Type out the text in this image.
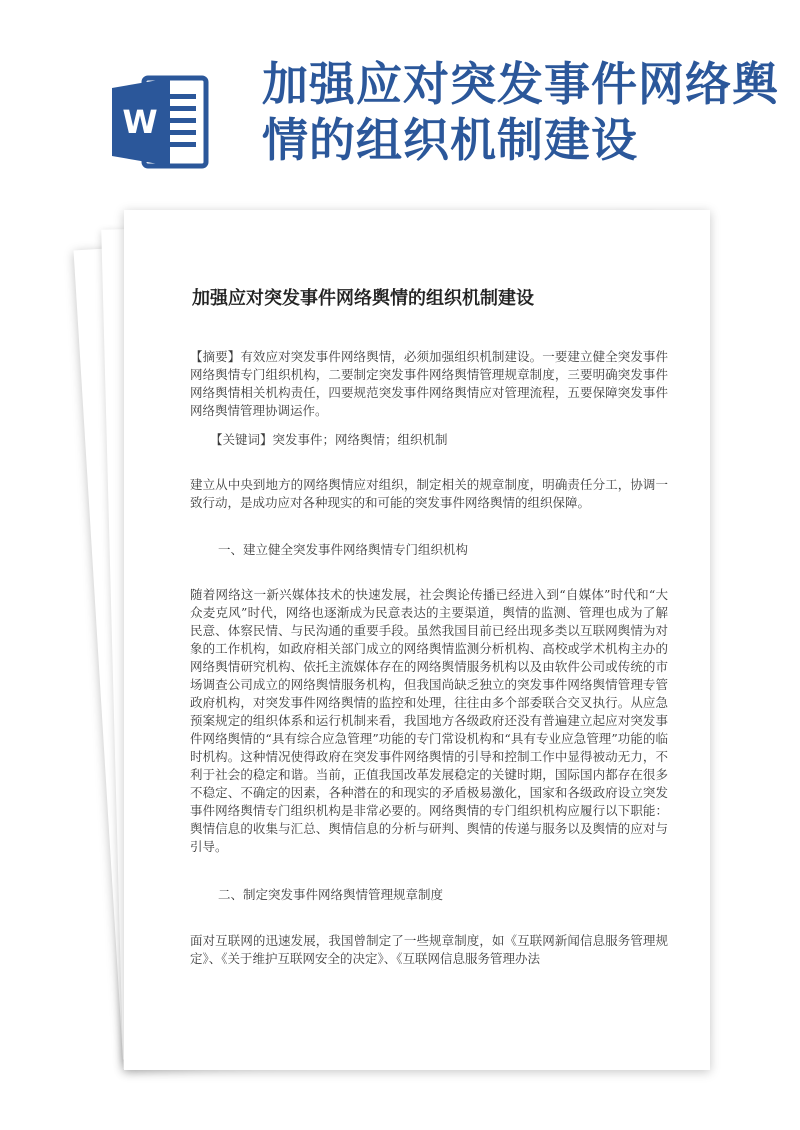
W
加强应对突发事件网络舆情的组织机制建设
加强应对突发事件网络舆情的组织机制建设

【摘要】有效应对突发事件网络舆情，必须加强组织机制建设。一要建立健全突发事件网络舆情专门组织机构，二要制定突发事件网络舆情管理规章制度，三要明确突发事件网络舆情相关机构责任，四要规范突发事件网络舆情应对管理流程，五要保障突发事件网络舆情管理协调运作。

【关键词】突发事件；网络舆情；组织机制

建立从中央到地方的网络舆情应对组织，制定相关的规章制度，明确责任分工，协调一致行动，是成功应对各种现实的和可能的突发事件网络舆情的组织保障。

一、建立健全突发事件网络舆情专门组织机构

随着网络这一新兴媒体技术的快速发展，社会舆论传播已经进入到“自媒体”时代和“大众麦克风”时代，网络也逐渐成为民意表达的主要渠道，舆情的监测、管理也成为了解民意、体察民情、与民沟通的重要手段。虽然我国目前已经出现多类以互联网舆情为对象的工作机构，如政府相关部门成立的网络舆情监测分析机构、高校或学术机构主办的网络舆情研究机构、依托主流媒体存在的网络舆情服务机构以及由软件公司或传统的市场调查公司成立的网络舆情服务机构，但我国尚缺乏独立的突发事件网络舆情管理专管政府机构，对突发事件网络舆情的监控和处理，往往由多个部委联合交叉执行。从应急预案规定的组织体系和运行机制来看，我国地方各级政府还没有普遍建立起应对突发事件网络舆情的“具有综合应急管理”功能的专门常设机构和“具有专业应急管理”功能的临时机构。这种情况使得政府在突发事件网络舆情的引导和控制工作中显得被动无力，不利于社会的稳定和谐。当前，正值我国改革发展稳定的关键时期，国际国内都存在很多不稳定、不确定的因素，各种潜在的和现实的矛盾极易激化，国家和各级政府设立突发事件网络舆情专门组织机构是非常必要的。网络舆情的专门组织机构应履行以下职能：舆情信息的收集与汇总、舆情信息的分析与研判、舆情的传递与服务以及舆情的应对与引导。

二、制定突发事件网络舆情管理规章制度

面对互联网的迅速发展，我国曾制定了一些规章制度，如《互联网新闻信息服务管理规定》、《关于维护互联网安全的决定》、《互联网信息服务管理办法
